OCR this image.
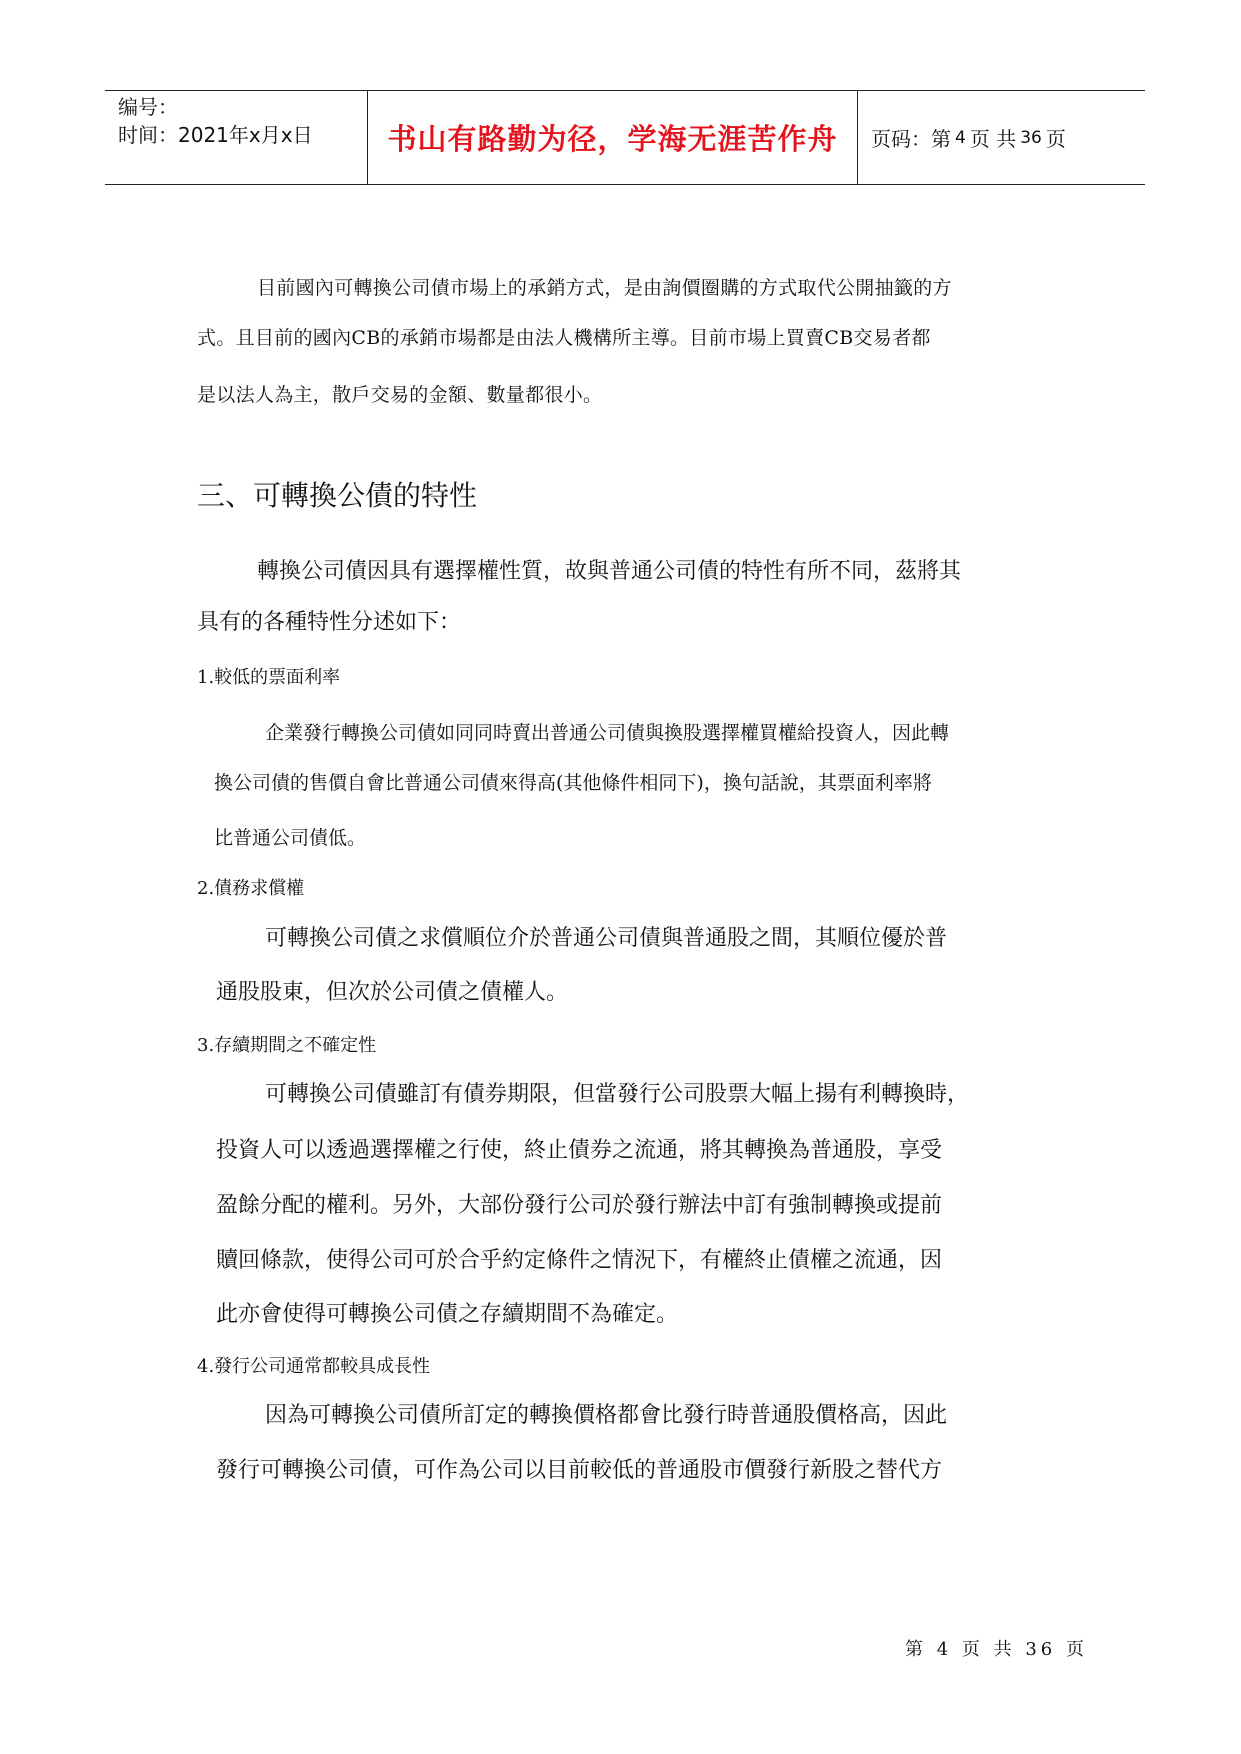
编号：
时间：2021年x月x日	书山有路勤为径，学海无涯苦作舟	页码：第 4 页 共 36 页
目前國內可轉換公司債市場上的承銷方式，是由詢價圈購的方式取代公開抽籤的方
式。且目前的國內CB的承銷市場都是由法人機構所主導。目前市場上買賣CB交易者都
是以法人為主，散戶交易的金額、數量都很小。
三、可轉換公債的特性
轉換公司債因具有選擇權性質，故與普通公司債的特性有所不同，茲將其
具有的各種特性分述如下：
1.較低的票面利率
企業發行轉換公司債如同同時賣出普通公司債與換股選擇權買權給投資人，因此轉
換公司債的售價自會比普通公司債來得高(其他條件相同下)，換句話說，其票面利率將
比普通公司債低。
2.債務求償權
可轉換公司債之求償順位介於普通公司債與普通股之間，其順位優於普
通股股東，但次於公司債之債權人。
3.存續期間之不確定性
可轉換公司債雖訂有債券期限，但當發行公司股票大幅上揚有利轉換時，
投資人可以透過選擇權之行使，終止債券之流通，將其轉換為普通股，享受
盈餘分配的權利。另外，大部份發行公司於發行辦法中訂有強制轉換或提前
贖回條款，使得公司可於合乎約定條件之情況下，有權終止債權之流通，因
此亦會使得可轉換公司債之存續期間不為確定。
4.發行公司通常都較具成長性
因為可轉換公司債所訂定的轉換價格都會比發行時普通股價格高，因此
發行可轉換公司債，可作為公司以目前較低的普通股市價發行新股之替代方
第 4 页 共 36 页
